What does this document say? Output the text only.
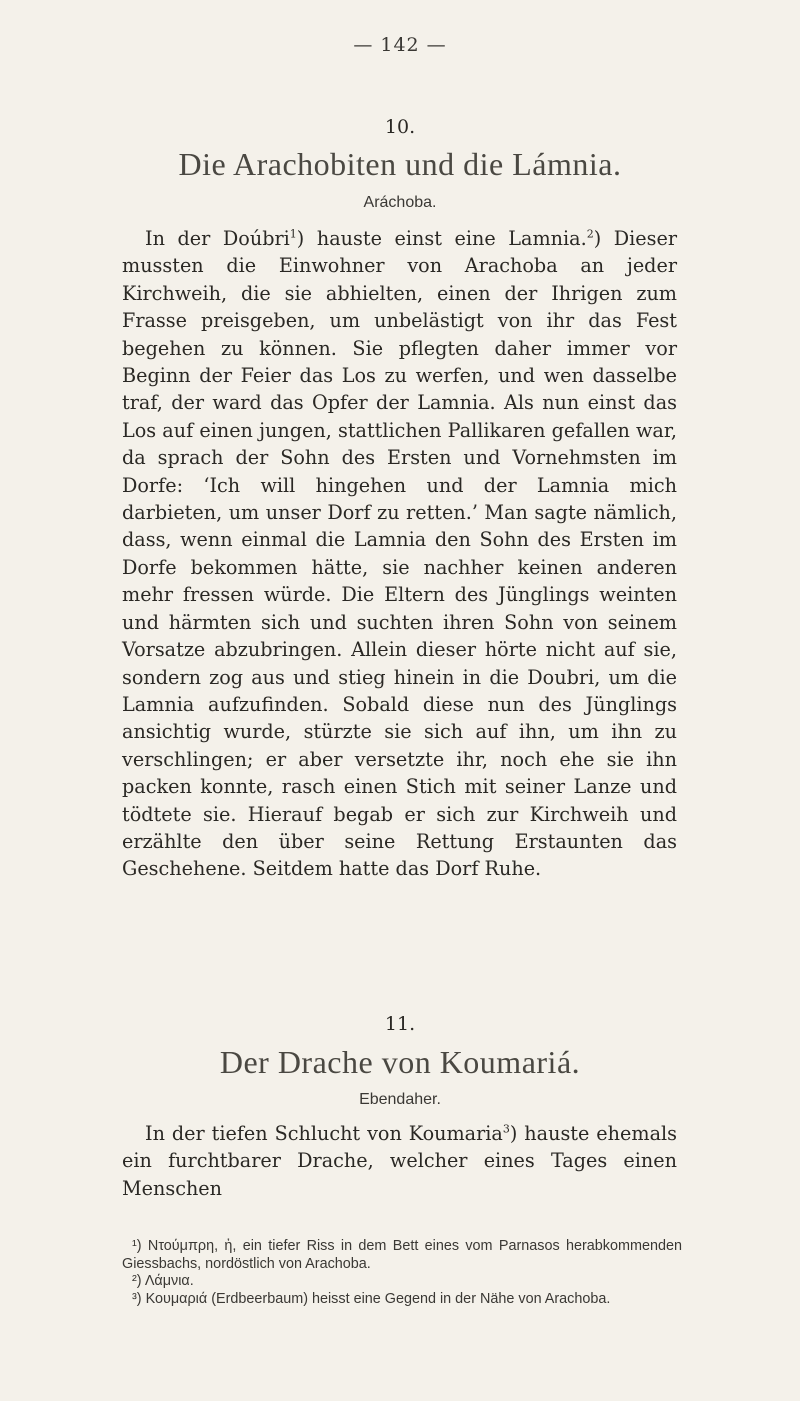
— 142 —
10.
Die Arachobiten und die Lámnia.
Aráchoba.

In der Doúbri$^1$) hauste einst eine Lamnia.$^2$) Dieser mussten die Einwohner von Arachoba an jeder Kirchweih, die sie abhielten, einen der Ihrigen zum Frasse preisgeben, um unbelästigt von ihr das Fest begehen zu können. Sie pflegten daher immer vor Beginn der Feier das Los zu werfen, und wen dasselbe traf, der ward das Opfer der Lamnia. Als nun einst das Los auf einen jungen, stattlichen Pallikaren gefallen war, da sprach der Sohn des Ersten und Vornehmsten im Dorfe: ‘Ich will hingehen und der Lamnia mich darbieten, um unser Dorf zu retten.’ Man sagte nämlich, dass, wenn einmal die Lamnia den Sohn des Ersten im Dorfe bekommen hätte, sie nachher keinen anderen mehr fressen würde. Die Eltern des Jünglings weinten und härmten sich und suchten ihren Sohn von seinem Vorsatze abzubringen. Allein dieser hörte nicht auf sie, sondern zog aus und stieg hinein in die Doubri, um die Lamnia aufzufinden. Sobald diese nun des Jünglings ansichtig wurde, stürzte sie sich auf ihn, um ihn zu verschlingen; er aber versetzte ihr, noch ehe sie ihn packen konnte, rasch einen Stich mit seiner Lanze und tödtete sie. Hierauf begab er sich zur Kirchweih und erzählte den über seine Rettung Erstaunten das Geschehene. Seitdem hatte das Dorf Ruhe.

11.
Der Drache von Koumariá.
Ebendaher.

In der tiefen Schlucht von Koumaria$^3$) hauste ehemals ein furchtbarer Drache, welcher eines Tages einen Menschen

¹) Ντούμπρη, ἡ, ein tiefer Riss in dem Bett eines vom Parnasos herabkommenden Giessbachs, nordöstlich von Arachoba.

²) Λάμνια.

³) Κουμαριά (Erdbeerbaum) heisst eine Gegend in der Nähe von Arachoba.
